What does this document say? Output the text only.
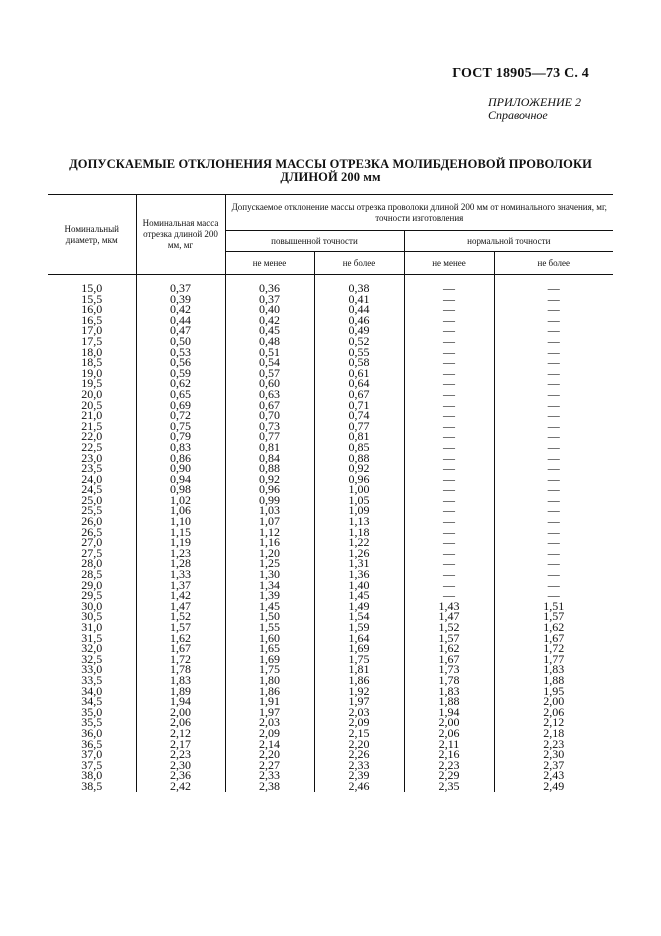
ГОСТ 18905—73 С. 4
ПРИЛОЖЕНИЕ 2
Справочное
ДОПУСКАЕМЫЕ ОТКЛОНЕНИЯ МАССЫ ОТРЕЗКА МОЛИБДЕНОВОЙ ПРОВОЛОКИ
ДЛИНОЙ 200 мм
Номинальный диаметр, мкм	Номинальная масса отрезка длиной 200 мм, мг	Допускаемое отклонение массы отрезка проволоки длиной 200 мм от номинального значения, мг, точности изготовления			
		повышенной точности		нормальной точности	
		не менее	не более	не менее	не более
15,0	0,37	0,36	0,38	—	—
15,5	0,39	0,37	0,41	—	—
16,0	0,42	0,40	0,44	—	—
16,5	0,44	0,42	0,46	—	—
17,0	0,47	0,45	0,49	—	—
17,5	0,50	0,48	0,52	—	—
18,0	0,53	0,51	0,55	—	—
18,5	0,56	0,54	0,58	—	—
19,0	0,59	0,57	0,61	—	—
19,5	0,62	0,60	0,64	—	—
20,0	0,65	0,63	0,67	—	—
20,5	0,69	0,67	0,71	—	—
21,0	0,72	0,70	0,74	—	—
21,5	0,75	0,73	0,77	—	—
22,0	0,79	0,77	0,81	—	—
22,5	0,83	0,81	0,85	—	—
23,0	0,86	0,84	0,88	—	—
23,5	0,90	0,88	0,92	—	—
24,0	0,94	0,92	0,96	—	—
24,5	0,98	0,96	1,00	—	—
25,0	1,02	0,99	1,05	—	—
25,5	1,06	1,03	1,09	—	—
26,0	1,10	1,07	1,13	—	—
26,5	1,15	1,12	1,18	—	—
27,0	1,19	1,16	1,22	—	—
27,5	1,23	1,20	1,26	—	—
28,0	1,28	1,25	1,31	—	—
28,5	1,33	1,30	1,36	—	—
29,0	1,37	1,34	1,40	—	—
29,5	1,42	1,39	1,45	—	—
30,0	1,47	1,45	1,49	1,43	1,51
30,5	1,52	1,50	1,54	1,47	1,57
31,0	1,57	1,55	1,59	1,52	1,62
31,5	1,62	1,60	1,64	1,57	1,67
32,0	1,67	1,65	1,69	1,62	1,72
32,5	1,72	1,69	1,75	1,67	1,77
33,0	1,78	1,75	1,81	1,73	1,83
33,5	1,83	1,80	1,86	1,78	1,88
34,0	1,89	1,86	1,92	1,83	1,95
34,5	1,94	1,91	1,97	1,88	2,00
35,0	2,00	1,97	2,03	1,94	2,06
35,5	2,06	2,03	2,09	2,00	2,12
36,0	2,12	2,09	2,15	2,06	2,18
36,5	2,17	2,14	2,20	2,11	2,23
37,0	2,23	2,20	2,26	2,16	2,30
37,5	2,30	2,27	2,33	2,23	2,37
38,0	2,36	2,33	2,39	2,29	2,43
38,5	2,42	2,38	2,46	2,35	2,49
